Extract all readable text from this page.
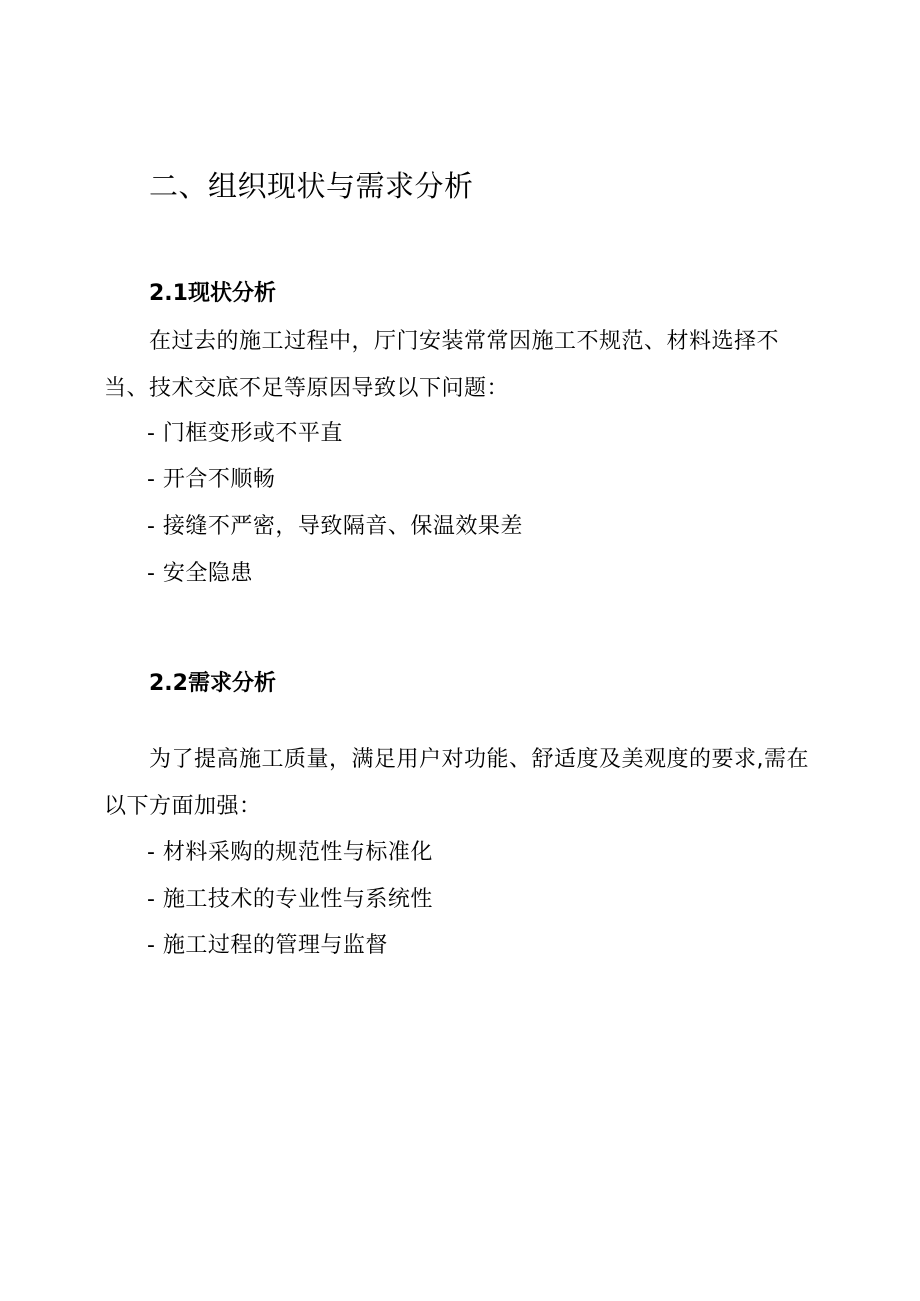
二、组织现状与需求分析
2.1现状分析
在过去的施工过程中，厅门安装常常因施工不规范、材料选择不当、技术交底不足等原因导致以下问题：
- 门框变形或不平直
- 开合不顺畅
- 接缝不严密，导致隔音、保温效果差
- 安全隐患
2.2需求分析
为了提高施工质量，满足用户对功能、舒适度及美观度的要求,需在以下方面加强：
- 材料采购的规范性与标准化
- 施工技术的专业性与系统性
- 施工过程的管理与监督
